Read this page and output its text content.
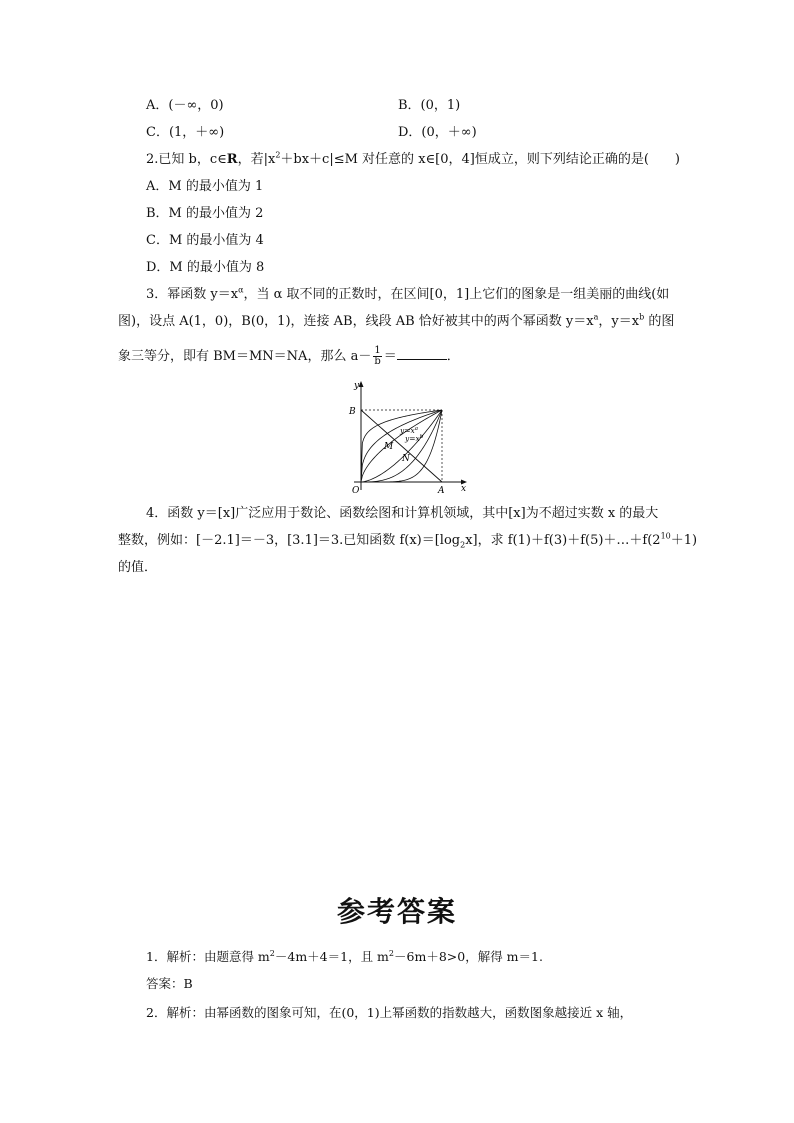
A．(－∞，0)	B．(0，1)
C．(1，＋∞)	D．(0，＋∞)
2.已知 b，c∈R，若$|x^2+bx+c|\le M$ 对任意的 x∈[0，4]恒成立，则下列结论正确的是(　　)
A．M 的最小值为 1
B．M 的最小值为 2
C．M 的最小值为 4
D．M 的最小值为 8
3．幂函数 $y=x^\alpha$，当 α 取不同的正数时，在区间[0，1]上它们的图象是一组美丽的曲线(如
图)，设点 A(1，0)，B(0，1)，连接 AB，线段 AB 恰好被其中的两个幂函数 $y=x^a$，$y=x^b$ 的图
象三等分，即有 BM＝MN＝NA，那么 $a- \frac{1}{b}$ ＝	．
y
x
B
O	A
M
N
$y=x^a$
$y=x^b$
4．函数 y＝[x]广泛应用于数论、函数绘图和计算机领域，其中[x]为不超过实数 x 的最大
整数，例如：[－2.1]＝－3，[3.1]＝3.已知函数 $f(x)=[\log_2x]$，求 $f(1)+f(3)+f(5)+\dots+f(2^{10}+1)$
的值．
参考答案
1．解析：由题意得 $m^2-4m+4=1$，且 $m^2-6m+8>0$，解得 m＝1.
答案：B
2．解析：由幂函数的图象可知，在(0，1)上幂函数的指数越大，函数图象越接近 x 轴，
